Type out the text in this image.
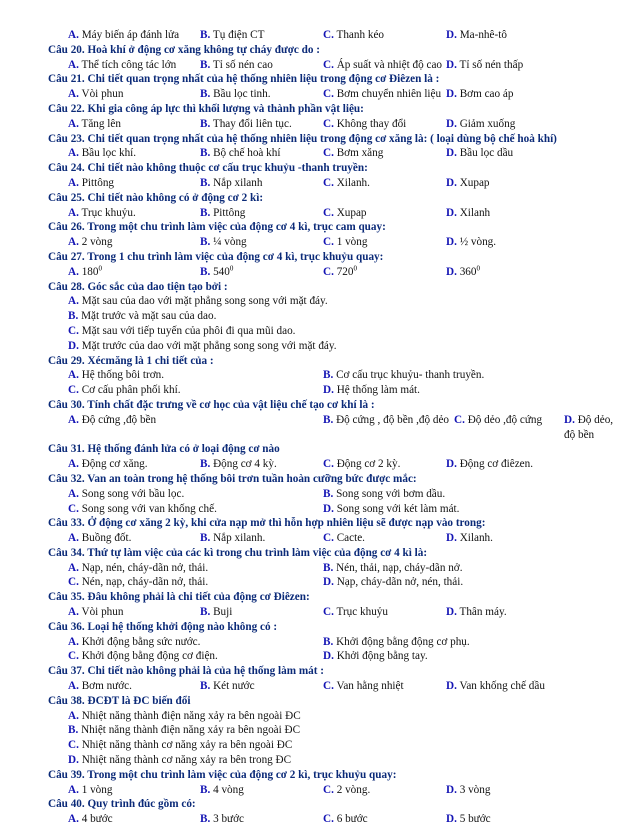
A. Máy biến áp đánh lửa B. Tụ điện CT	C. Thanh kéo	D. Ma-nhê-tô
Câu 20. Hoà khí ở động cơ xăng không tự cháy được do :
A. Thể tích công tác lớn B. Tỉ số nén cao	C. Áp suất và nhiệt độ cao D. Tỉ số nén thấp
Câu 21. Chi tiết quan trọng nhất của hệ thống nhiên liệu trong động cơ Điêzen là :
A. Vòi phun	B. Bầu lọc tinh.	C. Bơm chuyển nhiên liệu D. Bơm cao áp
Câu 22. Khi gia công áp lực thì khối lượng và thành phần vật liệu:
A. Tăng lên	B. Thay đổi liên tục.	C. Không thay đổi	D. Giảm xuống
Câu 23. Chi tiết quan trọng nhất của hệ thống nhiên liệu trong động cơ xăng là: ( loại dùng bộ chế hoà khí)
A. Bầu lọc khí.	B. Bộ chế hoà khí	C. Bơm xăng	D. Bầu lọc dầu
Câu 24. Chi tiết nào không thuộc cơ cấu trục khuỷu -thanh truyền:
A. Pittông	B. Nắp xilanh	C. Xilanh.	D. Xupap
Câu 25. Chi tiết nào không có ở động cơ 2 kì:
A. Trục khuỷu.	B. Pittông	C. Xupap	D. Xilanh
Câu 26. Trong một chu trình làm việc của động cơ 4 kì, trục cam quay:
A. 2 vòng	B. ¼ vòng	C. 1 vòng	D. ½ vòng.
Câu 27. Trong 1 chu trình làm việc của động cơ 4 kì, trục khuỷu quay:
A. $180^0$	B. $540^0$	C. $720^0$	D. $360^0$
Câu 28. Góc sắc của dao tiện tạo bởi :
A. Mặt sau của dao với mặt phẳng song song với mặt đáy.
B. Mặt trước và mặt sau của dao.
C. Mặt sau với tiếp tuyến của phôi đi qua mũi dao.
D. Mặt trước của dao với mặt phẳng song song với mặt đáy.
Câu 29. Xécmăng là 1 chi tiết của :
A. Hệ thống bôi trơn.	B. Cơ cấu trục khuỷu- thanh truyền.
C. Cơ cấu phân phối khí.	D. Hệ thống làm mát.
Câu 30. Tính chất đặc trưng về cơ học của vật liệu chế tạo cơ khí là :
A. Độ cứng ,độ bền	B. Độ cứng , độ bền ,độ dẻo C. Độ dẻo ,độ cứng D. Độ dẻo, độ bền
Câu 31. Hệ thống đánh lửa có ở loại động cơ nào
A. Động cơ xăng.	B. Động cơ 4 kỳ.	C. Động cơ 2 kỳ.	D. Động cơ điêzen.
Câu 32. Van an toàn trong hệ thống bôi trơn tuần hoàn cưỡng bức được mắc:
A. Song song với bầu lọc.	B. Song song với bơm dầu.
C. Song song với van khống chế.	D. Song song với két làm mát.
Câu 33. Ở động cơ xăng 2 kỳ, khi cửa nạp mở thì hỗn hợp nhiên liệu sẽ được nạp vào trong:
A. Buồng đốt.	B. Nắp xilanh.	C. Cacte.	D. Xilanh.
Câu 34. Thứ tự làm việc của các kì trong chu trình làm việc của động cơ 4 kì là:
A. Nạp, nén, cháy-dãn nở, thải.	B. Nén, thải, nạp, cháy-dãn nở.
C. Nén, nạp, cháy-dãn nở, thải.	D. Nạp, cháy-dãn nở, nén, thải.
Câu 35. Đâu không phải là chi tiết của động cơ Điêzen:
A. Vòi phun	B. Buji	C. Trục khuỷu	D. Thân máy.
Câu 36. Loại hệ thống khởi động nào không có :
A. Khởi động bằng sức nước.	B. Khởi động bằng động cơ phụ.
C. Khởi động bằng động cơ điện.	D. Khởi động bằng tay.
Câu 37. Chi tiết nào không phải là của hệ thống làm mát :
A. Bơm nước.	B. Két nước	C. Van hằng nhiệt	D. Van khống chế dầu
Câu 38. ĐCĐT là ĐC biến đổi
A. Nhiệt năng thành điện năng xảy ra bên ngoài ĐC
B. Nhiệt năng thành điện năng xảy ra bên ngoài ĐC
C. Nhiệt năng thành cơ năng xảy ra bên ngoài ĐC
D. Nhiệt năng thành cơ năng xảy ra bên trong ĐC
Câu 39. Trong một chu trình làm việc của động cơ 2 kì, trục khuỷu quay:
A. 1 vòng	B. 4 vòng	C. 2 vòng.	D. 3 vòng
Câu 40. Quy trình đúc gồm có:
A. 4 bước	B. 3 bước	C. 6 bước	D. 5 bước
